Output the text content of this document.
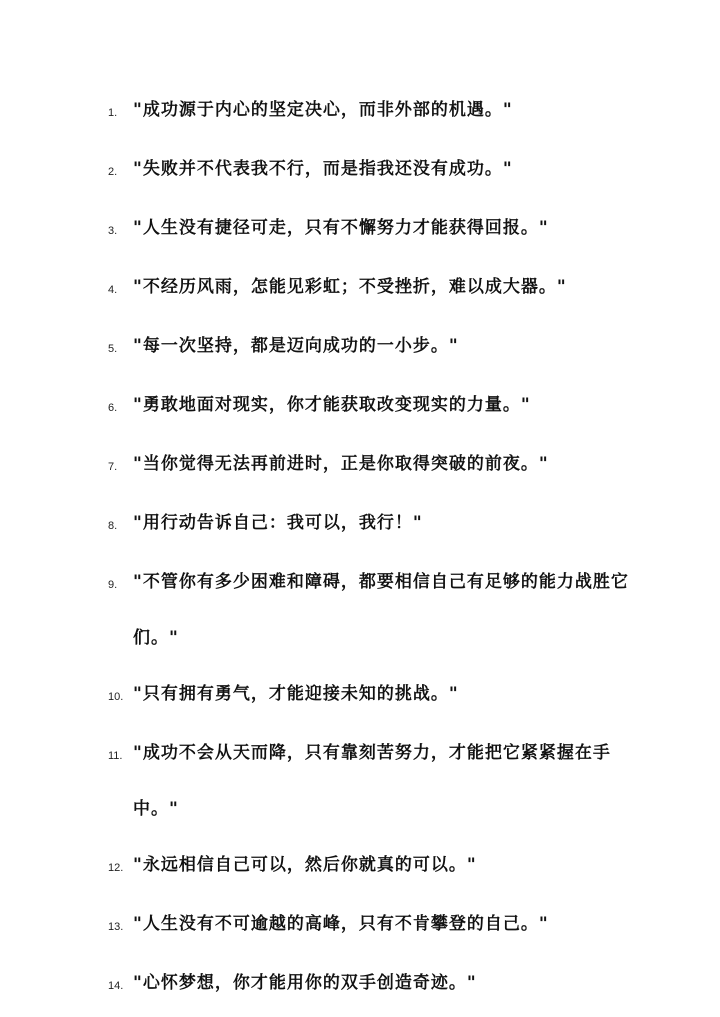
1. "成功源于内心的坚定决心，而非外部的机遇。"
2. "失败并不代表我不行，而是指我还没有成功。"
3. "人生没有捷径可走，只有不懈努力才能获得回报。"
4. "不经历风雨，怎能见彩虹；不受挫折，难以成大器。"
5. "每一次坚持，都是迈向成功的一小步。"
6. "勇敢地面对现实，你才能获取改变现实的力量。"
7. "当你觉得无法再前进时，正是你取得突破的前夜。"
8. "用行动告诉自己：我可以，我行！"
9. "不管你有多少困难和障碍，都要相信自己有足够的能力战胜它们。"
10. "只有拥有勇气，才能迎接未知的挑战。"
11. "成功不会从天而降，只有靠刻苦努力，才能把它紧紧握在手中。"
12. "永远相信自己可以，然后你就真的可以。"
13. "人生没有不可逾越的高峰，只有不肯攀登的自己。"
14. "心怀梦想，你才能用你的双手创造奇迹。"
